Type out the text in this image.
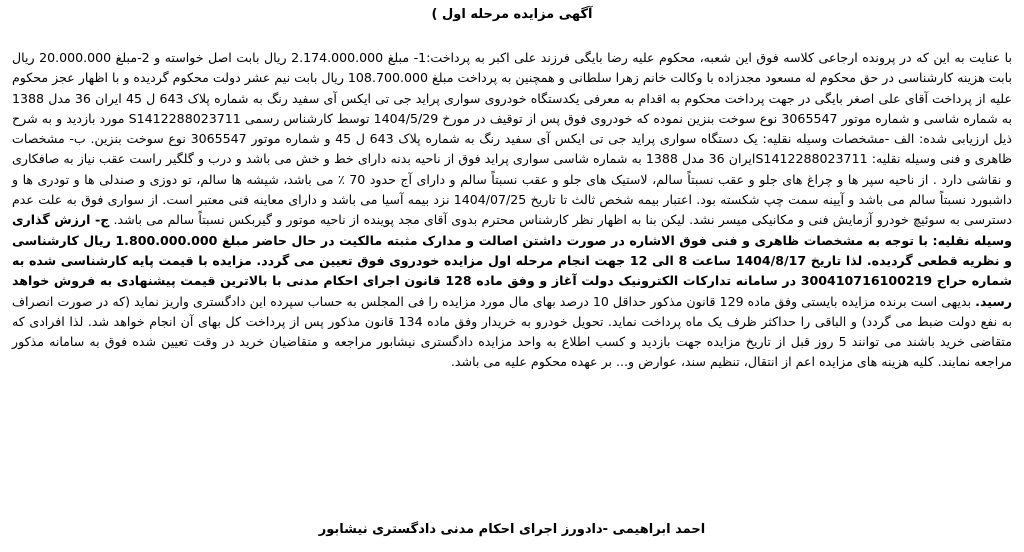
آگهی مزایده مرحله اول )

با عنایت به این که در پرونده ارجاعی کلاسه فوق این شعبه، محکوم علیه رضا بایگی فرزند علی اکبر به پرداخت:1- مبلغ 2.174.000.000 ریال بابت اصل خواسته و 2-مبلغ 20.000.000 ریال بابت هزینه کارشناسی در حق محکوم له مسعود مجدزاده با وکالت خانم زهرا سلطانی و همچنین به پرداخت مبلغ 108.700.000 ریال بابت نیم عشر دولت محکوم گردیده و با اظهار عجز محکوم علیه از پرداخت آقای علی اصغر بایگی در جهت پرداخت محکوم به اقدام به معرفی یکدستگاه خودروی سواری پراید جی تی ایکس آی سفید رنگ به شماره پلاک 643 ل 45 ایران 36 مدل 1388 به شماره شاسی و شماره موتور 3065547 نوع سوخت بنزین نموده که خودروی فوق پس از توقیف در مورخ 1404/5/29 توسط کارشناس رسمی S1412288023711 مورد بازدید و به شرح ذیل ارزیابی شده: الف -مشخصات وسیله نقلیه: یک دستگاه سواری پراید جی تی ایکس آی سفید رنگ به شماره پلاک 643 ل 45 و شماره موتور 3065547 نوع سوخت بنزین. ب- مشخصات ظاهری و فنی وسیله نقلیه: S1412288023711ایران 36 مدل 1388 به شماره شاسی سواری پراید فوق از ناحیه بدنه دارای خط و خش می باشد و درب و گلگیر راست عقب نیاز به صافکاری و نقاشی دارد . از ناحیه سپر ها و چراغ های جلو و عقب نسبتاً سالم، لاستیک های جلو و عقب نسبتاً سالم و دارای آج حدود 70 ٪ می باشد، شیشه ها سالم، تو دوزی و صندلی ها و تودری ها و داشبورد نسبتاً سالم می باشد و آیینه سمت چپ شکسته بود. اعتبار بیمه شخص ثالث تا تاریخ 1404/07/25 نزد بیمه آسیا می باشد و دارای معاینه فنی معتبر است. از سواری فوق به علت عدم دسترسی به سوئیچ خودرو آزمایش فنی و مکانیکی میسر نشد. لیکن بنا به اظهار نظر کارشناس محترم بدوی آقای مجد پوینده از ناحیه موتور و گیربکس نسبتاً سالم می باشد. ج- ارزش گذاری وسیله نقلیه: با توجه به مشخصات ظاهری و فنی فوق الاشاره در صورت داشتن اصالت و مدارک مثبته مالکیت در حال حاضر مبلغ 1.800.000.000 ریال کارشناسی و نظریه قطعی گردیده. لذا تاریخ 1404/8/17 ساعت 8 الی 12 جهت انجام مرحله اول مزایده خودروی فوق تعیین می گردد. مزایده با قیمت پایه کارشناسی شده به شماره حراج 300410716100219 در سامانه تدارکات الکترونیک دولت آغاز و وفق ماده 128 قانون اجرای احکام مدنی با بالاترین قیمت پیشنهادی به فروش خواهد رسید. بدیهی است برنده مزایده بایستی وفق ماده 129 قانون مذکور حداقل 10 درصد بهای مال مورد مزایده را فی المجلس به حساب سپرده این دادگستری واریز نماید (که در صورت انصراف به نفع دولت ضبط می گردد) و الباقی را حداکثر ظرف یک ماه پرداخت نماید. تحویل خودرو به خریدار وفق ماده 134 قانون مذکور پس از پرداخت کل بهای آن انجام خواهد شد. لذا افرادی که متقاضی خرید باشند می توانند 5 روز قبل از تاریخ مزایده جهت بازدید و کسب اطلاع به واحد مزایده دادگستری نیشابور مراجعه و متقاضیان خرید در وقت تعیین شده فوق به سامانه مذکور مراجعه نمایند. کلیه هزینه های مزایده اعم از انتقال، تنظیم سند، عوارض و... بر عهده محکوم علیه می باشد.

احمد ابراهیمی -دادورز اجرای احکام مدنی دادگستری نیشابور
